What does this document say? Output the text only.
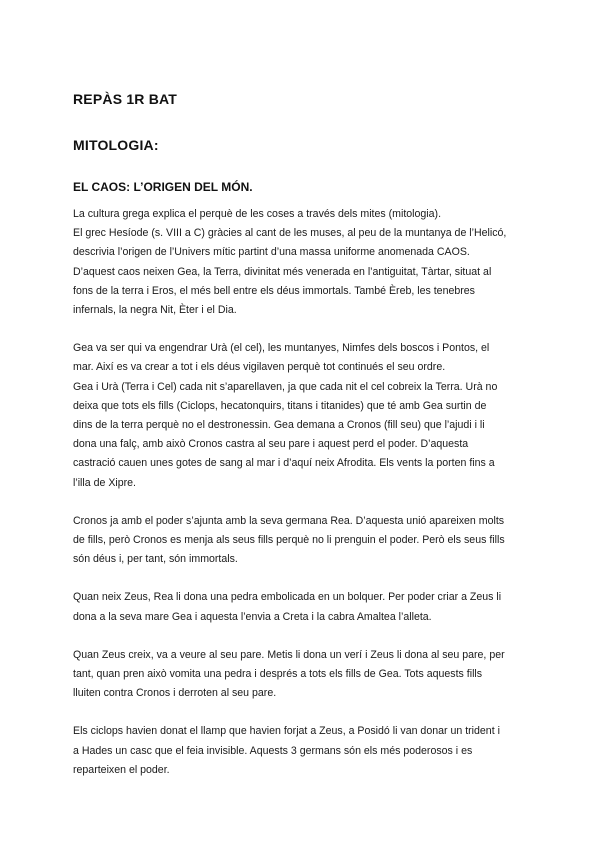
REPÀS 1R BAT
MITOLOGIA:
EL CAOS: L’ORIGEN DEL MÓN.
La cultura grega explica el perquè de les coses a través dels mites (mitologia).
El grec Hesíode (s. VIII a C) gràcies al cant de les muses, al peu de la muntanya de l’Helicó,
descrivia l’origen de l’Univers mític partint d’una massa uniforme anomenada CAOS.
D’aquest caos neixen Gea, la Terra, divinitat més venerada en l’antiguitat, Tàrtar, situat al
fons de la terra i Eros, el més bell entre els déus immortals. També Èreb, les tenebres
infernals, la negra Nit, Èter i el Dia.
Gea va ser qui va engendrar Urà (el cel), les muntanyes, Nimfes dels boscos i Pontos, el
mar. Així es va crear a tot i els déus vigilaven perquè tot continués el seu ordre.
Gea i Urà (Terra i Cel) cada nit s’aparellaven, ja que cada nit el cel cobreix la Terra. Urà no
deixa que tots els fills (Ciclops, hecatonquirs, titans i titanides) que té amb Gea surtin de
dins de la terra perquè no el destronessin. Gea demana a Cronos (fill seu) que l’ajudi i li
dona una falç, amb això Cronos castra al seu pare i aquest perd el poder. D’aquesta
castració cauen unes gotes de sang al mar i d’aquí neix Afrodita. Els vents la porten fins a
l’illa de Xipre.
Cronos ja amb el poder s’ajunta amb la seva germana Rea. D’aquesta unió apareixen molts
de fills, però Cronos es menja als seus fills perquè no li prenguin el poder. Però els seus fills
són déus i, per tant, són immortals.
Quan neix Zeus, Rea li dona una pedra embolicada en un bolquer. Per poder criar a Zeus li
dona a la seva mare Gea i aquesta l’envia a Creta i la cabra Amaltea l’alleta.
Quan Zeus creix, va a veure al seu pare. Metis li dona un verí i Zeus li dona al seu pare, per
tant, quan pren això vomita una pedra i després a tots els fills de Gea. Tots aquests fills
lluiten contra Cronos i derroten al seu pare.
Els ciclops havien donat el llamp que havien forjat a Zeus, a Posidó li van donar un trident i
a Hades un casc que el feia invisible. Aquests 3 germans són els més poderosos i es
reparteixen el poder.
